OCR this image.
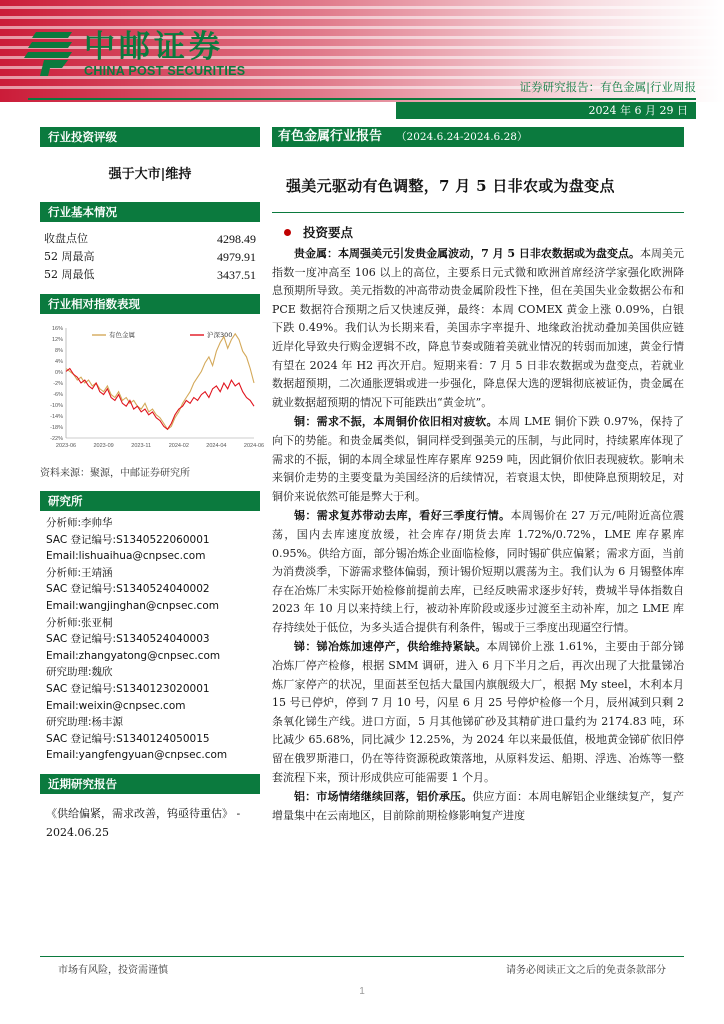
中邮证券
CHINA POST SECURITIES
证券研究报告：有色金属|行业周报
2024 年 6 月 29 日
行业投资评级
强于大市|维持
行业基本情况
收盘点位	4298.49
52 周最高	4979.91
52 周最低	3437.51
行业相对指数表现
16%
12%
8%
4%
0%
-2%
-6%
-10%
-14%
-18%
-22%
2023-06	2023-09	2023-11	2024-02	2024-04	2024-06
有色金属	沪深300
资料来源：聚源，中邮证券研究所
研究所
分析师:李帅华
SAC 登记编号:S1340522060001
Email:lishuaihua@cnpsec.com
分析师:王靖涵
SAC 登记编号:S1340524040002
Email:wangjinghan@cnpsec.com
分析师:张亚桐
SAC 登记编号:S1340524040003
Email:zhangyatong@cnpsec.com
研究助理:魏欣
SAC 登记编号:S1340123020001
Email:weixin@cnpsec.com
研究助理:杨丰源
SAC 登记编号:S1340124050015
Email:yangfengyuan@cnpsec.com
近期研究报告
《供给偏紧，需求改善，钨亟待重估》 - 2024.06.25
有色金属行业报告	（2024.6.24-2024.6.28）
强美元驱动有色调整，7 月 5 日非农或为盘变点
投资要点
贵金属：本周强美元引发贵金属波动，7 月 5 日非农数据或为盘变点。本周美元指数一度冲高至 106 以上的高位，主要系日元式微和欧洲首席经济学家强化欧洲降息预期所导致。美元指数的冲高带动贵金属阶段性下挫，但在美国失业金数据公布和 PCE 数据符合预期之后又快速反弹，最终：本周 COMEX 黄金上涨 0.09%，白银下跌 0.49%。我们认为长期来看，美国赤字率提升、地缘政治扰动叠加美国供应链近岸化导致央行购金逻辑不改，降息节奏或随着美就业情况的转弱而加速，黄金行情有望在 2024 年 H2 再次开启。短期来看：7 月 5 日非农数据或为盘变点，若就业数据超预期，二次通胀逻辑或进一步强化，降息保大选的逻辑彻底被证伪，贵金属在就业数据超预期的情况下可能跌出“黄金坑”。
铜：需求不振，本周铜价依旧相对疲软。本周 LME 铜价下跌 0.97%，保持了向下的势能。和贵金属类似，铜同样受到强美元的压制，与此同时，持续累库体现了需求的不振，铜的本周全球显性库存累库 9259 吨，因此铜价依旧表现疲软。影响未来铜价走势的主要变量为美国经济的后续情况，若衰退太快，即使降息预期较足，对铜价来说依然可能是弊大于利。
锡：需求复苏带动去库，看好三季度行情。本周锡价在 27 万元/吨附近高位震荡，国内去库速度放缓，社会库存/期货去库 1.72%/0.72%，LME 库存累库 0.95%。供给方面，部分锡冶炼企业面临检修，同时锡矿供应偏紧；需求方面，当前为消费淡季，下游需求整体偏弱，预计锡价短期以震荡为主。我们认为 6 月锡整体库存在冶炼厂未实际开始检修前提前去库，已经反映需求逐步好转，费城半导体指数自 2023 年 10 月以来持续上行，被动补库阶段或逐步过渡至主动补库，加之 LME 库存持续处于低位，为多头适合提供有利条件，锡或于三季度出现逼空行情。
锑：锑冶炼加速停产，供给维持紧缺。本周锑价上涨 1.61%，主要由于部分锑冶炼厂停产检修，根据 SMM 调研，进入 6 月下半月之后，再次出现了大批量锑冶炼厂家停产的状况，里面甚至包括大量国内旗舰级大厂，根据 My steel，木利本月 15 号已停炉，停到 7 月 10 号，闪星 6 月 25 号停炉检修一个月，辰州减到只剩 2 条氧化锑生产线。进口方面，5 月其他锑矿砂及其精矿进口量约为 2174.83 吨，环比减少 65.68%，同比减少 12.25%，为 2024 年以来最低值，极地黄金锑矿依旧停留在俄罗斯港口，仍在等待资源税政策落地，从原料发运、船期、浮选、冶炼等一整套流程下来，预计形成供应可能需要 1 个月。
铝：市场情绪继续回落，铝价承压。供应方面：本周电解铝企业继续复产，复产增量集中在云南地区，目前除前期检修影响复产进度
市场有风险，投资需谨慎	请务必阅读正文之后的免责条款部分
1
